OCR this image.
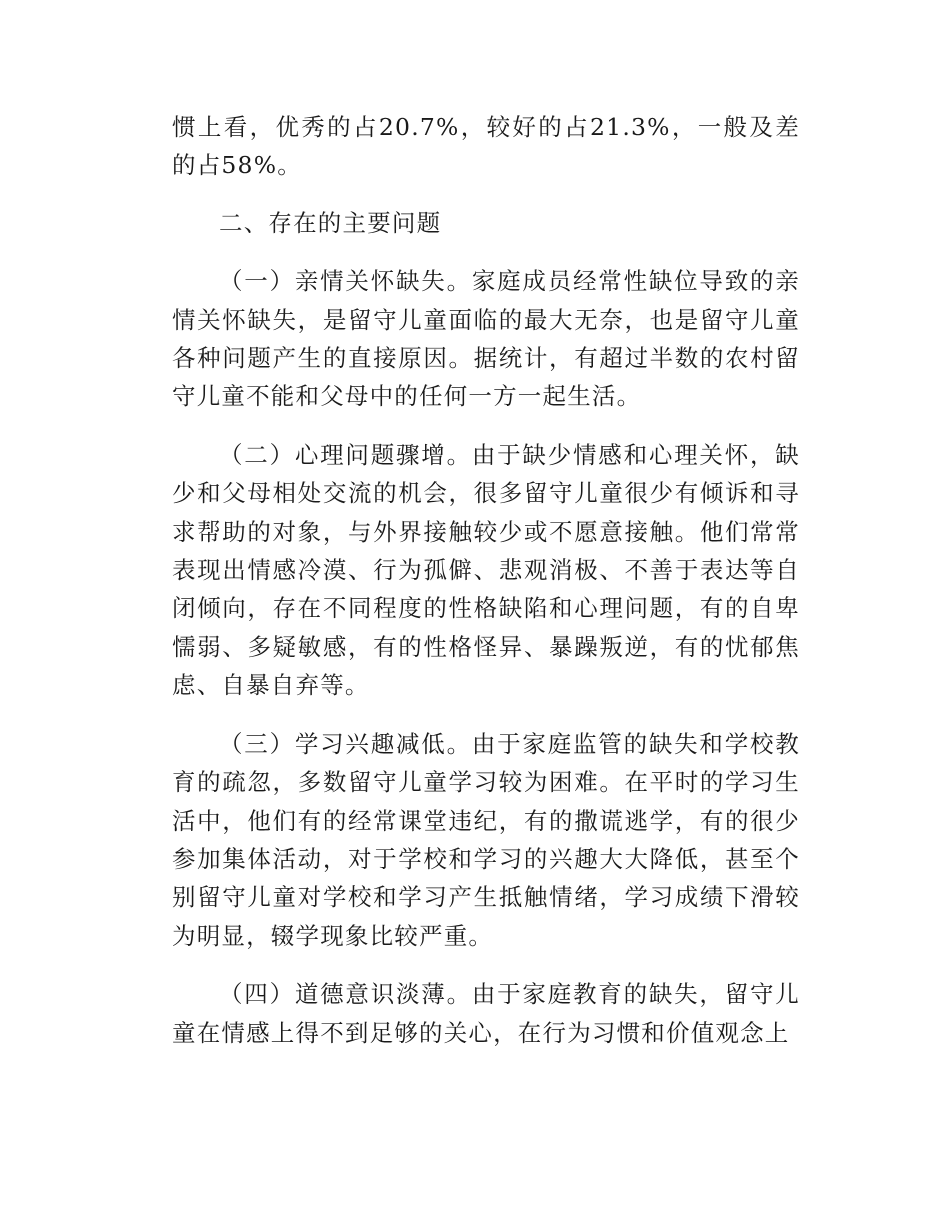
惯上看，优秀的占20.7%，较好的占21.3%，一般及差的占58%。

二、存在的主要问题

（一）亲情关怀缺失。家庭成员经常性缺位导致的亲情关怀缺失，是留守儿童面临的最大无奈，也是留守儿童各种问题产生的直接原因。据统计，有超过半数的农村留守儿童不能和父母中的任何一方一起生活。

（二）心理问题骤增。由于缺少情感和心理关怀，缺少和父母相处交流的机会，很多留守儿童很少有倾诉和寻求帮助的对象，与外界接触较少或不愿意接触。他们常常表现出情感冷漠、行为孤僻、悲观消极、不善于表达等自闭倾向，存在不同程度的性格缺陷和心理问题，有的自卑懦弱、多疑敏感，有的性格怪异、暴躁叛逆，有的忧郁焦虑、自暴自弃等。

（三）学习兴趣减低。由于家庭监管的缺失和学校教育的疏忽，多数留守儿童学习较为困难。在平时的学习生活中，他们有的经常课堂违纪，有的撒谎逃学，有的很少参加集体活动，对于学校和学习的兴趣大大降低，甚至个别留守儿童对学校和学习产生抵触情绪，学习成绩下滑较为明显，辍学现象比较严重。

（四）道德意识淡薄。由于家庭教育的缺失，留守儿童在情感上得不到足够的关心，在行为习惯和价值观念上
